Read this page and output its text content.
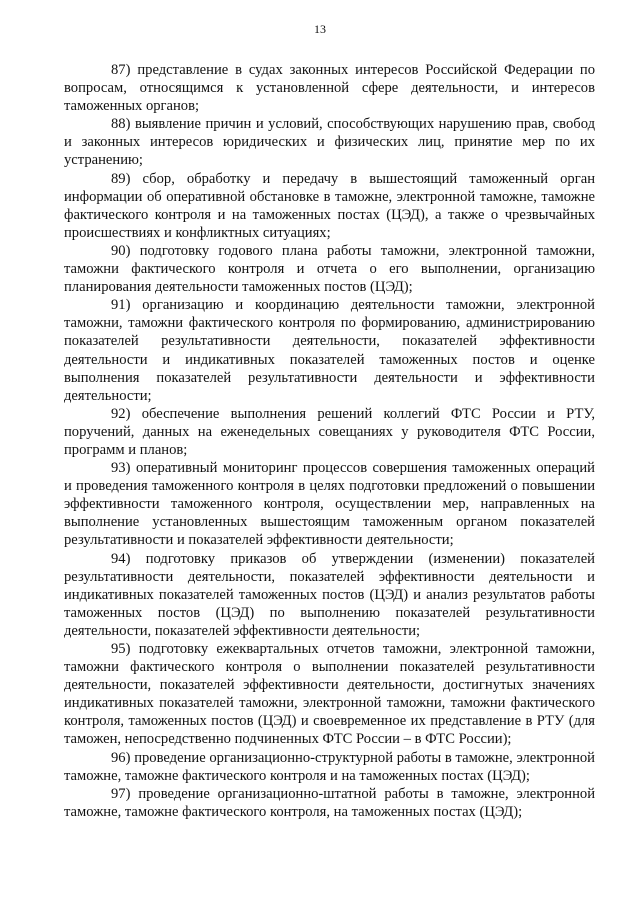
13

87) представление в судах законных интересов Российской Федерации по вопросам, относящимся к установленной сфере деятельности, и интересов таможенных органов;

88) выявление причин и условий, способствующих нарушению прав, свобод и законных интересов юридических и физических лиц, принятие мер по их устранению;

89) сбор, обработку и передачу в вышестоящий таможенный орган информации об оперативной обстановке в таможне, электронной таможне, таможне фактического контроля и на таможенных постах (ЦЭД), а также о чрезвычайных происшествиях и конфликтных ситуациях;

90) подготовку годового плана работы таможни, электронной таможни, таможни фактического контроля и отчета о его выполнении, организацию планирования деятельности таможенных постов (ЦЭД);

91) организацию и координацию деятельности таможни, электронной таможни, таможни фактического контроля по формированию, администрированию показателей результативности деятельности, показателей эффективности деятельности и индикативных показателей таможенных постов и оценке выполнения показателей результативности деятельности и эффективности деятельности;

92) обеспечение выполнения решений коллегий ФТС России и РТУ, поручений, данных на еженедельных совещаниях у руководителя ФТС России, программ и планов;

93) оперативный мониторинг процессов совершения таможенных операций и проведения таможенного контроля в целях подготовки предложений о повышении эффективности таможенного контроля, осуществлении мер, направленных на выполнение установленных вышестоящим таможенным органом показателей результативности и показателей эффективности деятельности;

94) подготовку приказов об утверждении (изменении) показателей результативности деятельности, показателей эффективности деятельности и индикативных показателей таможенных постов (ЦЭД) и анализ результатов работы таможенных постов (ЦЭД) по выполнению показателей результативности деятельности, показателей эффективности деятельности;

95) подготовку ежеквартальных отчетов таможни, электронной таможни, таможни фактического контроля о выполнении показателей результативности деятельности, показателей эффективности деятельности, достигнутых значениях индикативных показателей таможни, электронной таможни, таможни фактического контроля, таможенных постов (ЦЭД) и своевременное их представление в РТУ (для таможен, непосредственно подчиненных ФТС России – в ФТС России);

96) проведение организационно-структурной работы в таможне, электронной таможне, таможне фактического контроля и на таможенных постах (ЦЭД);

97) проведение организационно-штатной работы в таможне, электронной таможне, таможне фактического контроля, на таможенных постах (ЦЭД);
